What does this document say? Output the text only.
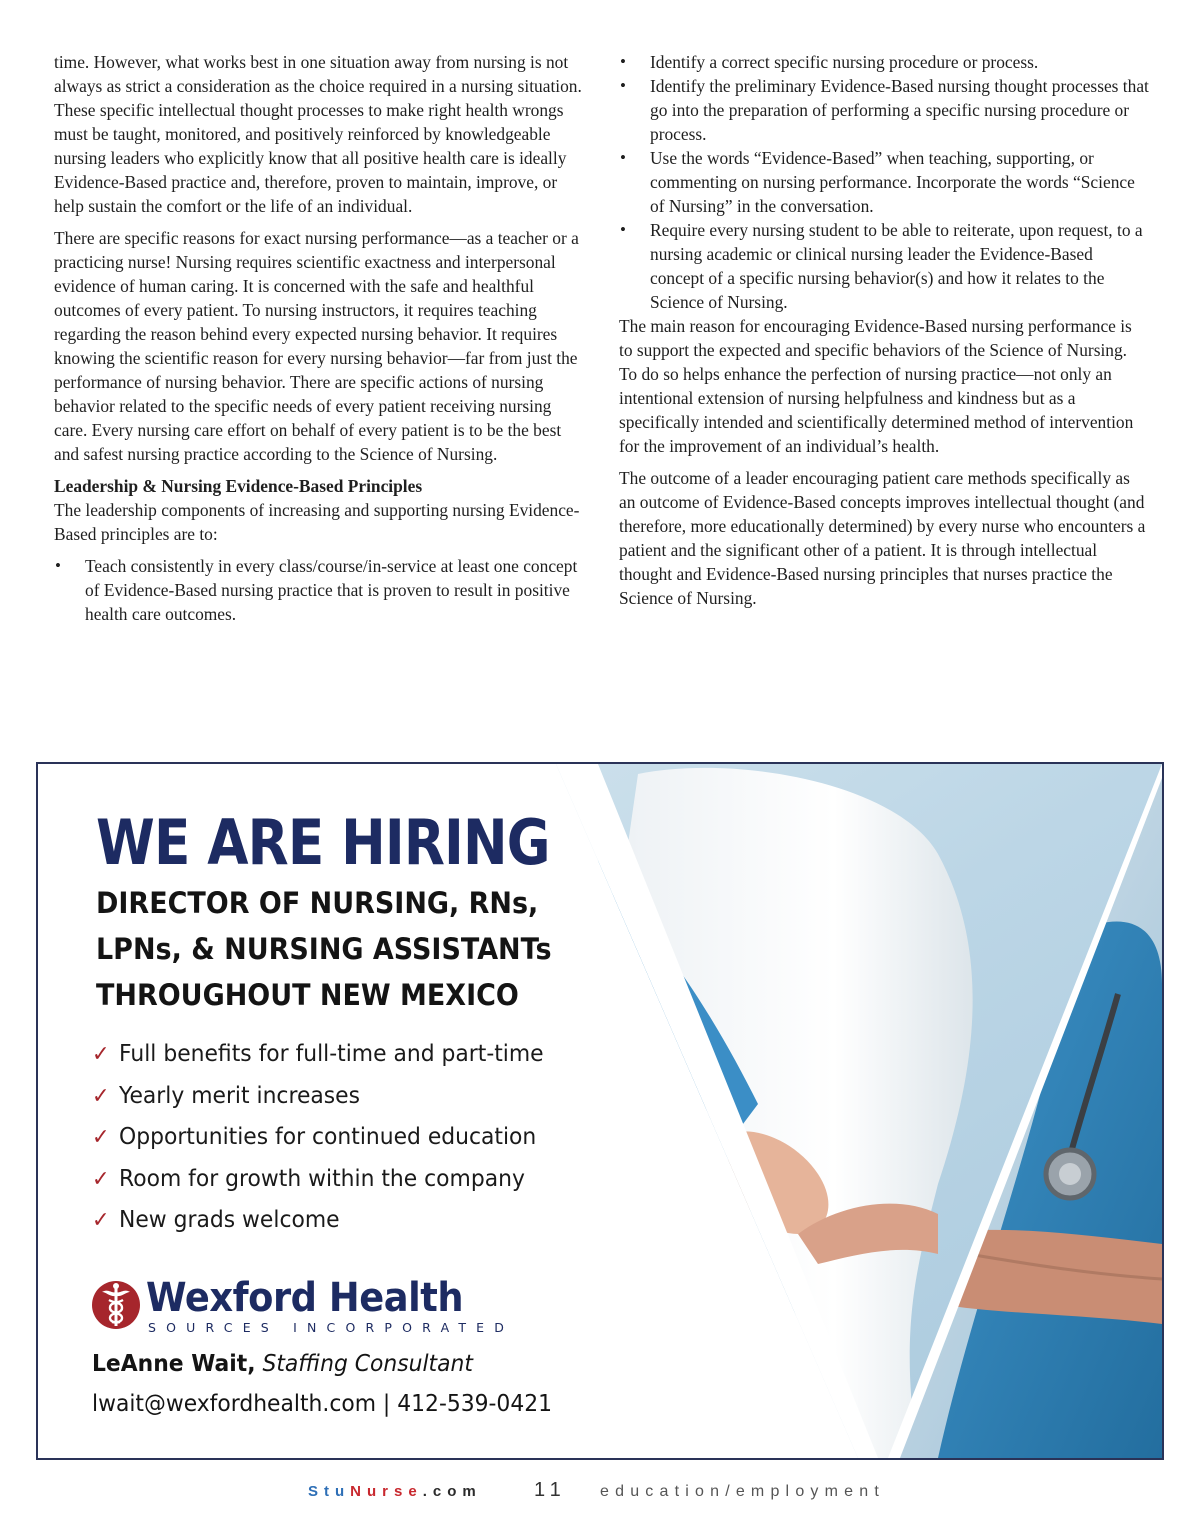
time. However, what works best in one situation away from nursing is not always as strict a consideration as the choice required in a nursing situation. These specific intellectual thought processes to make right health wrongs must be taught, monitored, and positively reinforced by knowledgeable nursing leaders who explicitly know that all positive health care is ideally Evidence-Based practice and, therefore, proven to maintain, improve, or help sustain the comfort or the life of an individual.

There are specific reasons for exact nursing performance—as a teacher or a practicing nurse! Nursing requires scientific exactness and interpersonal evidence of human caring. It is concerned with the safe and healthful outcomes of every patient. To nursing instructors, it requires teaching regarding the reason behind every expected nursing behavior. It requires knowing the scientific reason for every nursing behavior—far from just the performance of nursing behavior. There are specific actions of nursing behavior related to the specific needs of every patient receiving nursing care. Every nursing care effort on behalf of every patient is to be the best and safest nursing practice according to the Science of Nursing.

Leadership & Nursing Evidence-Based Principles

The leadership components of increasing and supporting nursing Evidence-Based principles are to:

• Teach consistently in every class/course/in-service at least one concept of Evidence-Based nursing practice that is proven to result in positive health care outcomes.
• Identify a correct specific nursing procedure or process.
• Identify the preliminary Evidence-Based nursing thought processes that go into the preparation of performing a specific nursing procedure or process.
• Use the words “Evidence-Based” when teaching, supporting, or commenting on nursing performance. Incorporate the words “Science of Nursing” in the conversation.
• Require every nursing student to be able to reiterate, upon request, to a nursing academic or clinical nursing leader the Evidence-Based concept of a specific nursing behavior(s) and how it relates to the Science of Nursing.

The main reason for encouraging Evidence-Based nursing performance is to support the expected and specific behaviors of the Science of Nursing. To do so helps enhance the perfection of nursing practice—not only an intentional extension of nursing helpfulness and kindness but as a specifically intended and scientifically determined method of intervention for the improvement of an individual’s health.

The outcome of a leader encouraging patient care methods specifically as an outcome of Evidence-Based concepts improves intellectual thought (and therefore, more educationally determined) by every nurse who encounters a patient and the significant other of a patient. It is through intellectual thought and Evidence-Based nursing principles that nurses practice the Science of Nursing.

WE ARE HIRING
DIRECTOR OF NURSING, RNs,
LPNs, & NURSING ASSISTANTs
THROUGHOUT NEW MEXICO
✓ Full benefits for full-time and part-time
✓ Yearly merit increases
✓ Opportunities for continued education
✓ Room for growth within the company
✓ New grads welcome
Wexford Health
SOURCES INCORPORATED
LeAnne Wait, Staffing Consultant
lwait@wexfordhealth.com | 412-539-0421
StuNurse.com	11 education/employment
